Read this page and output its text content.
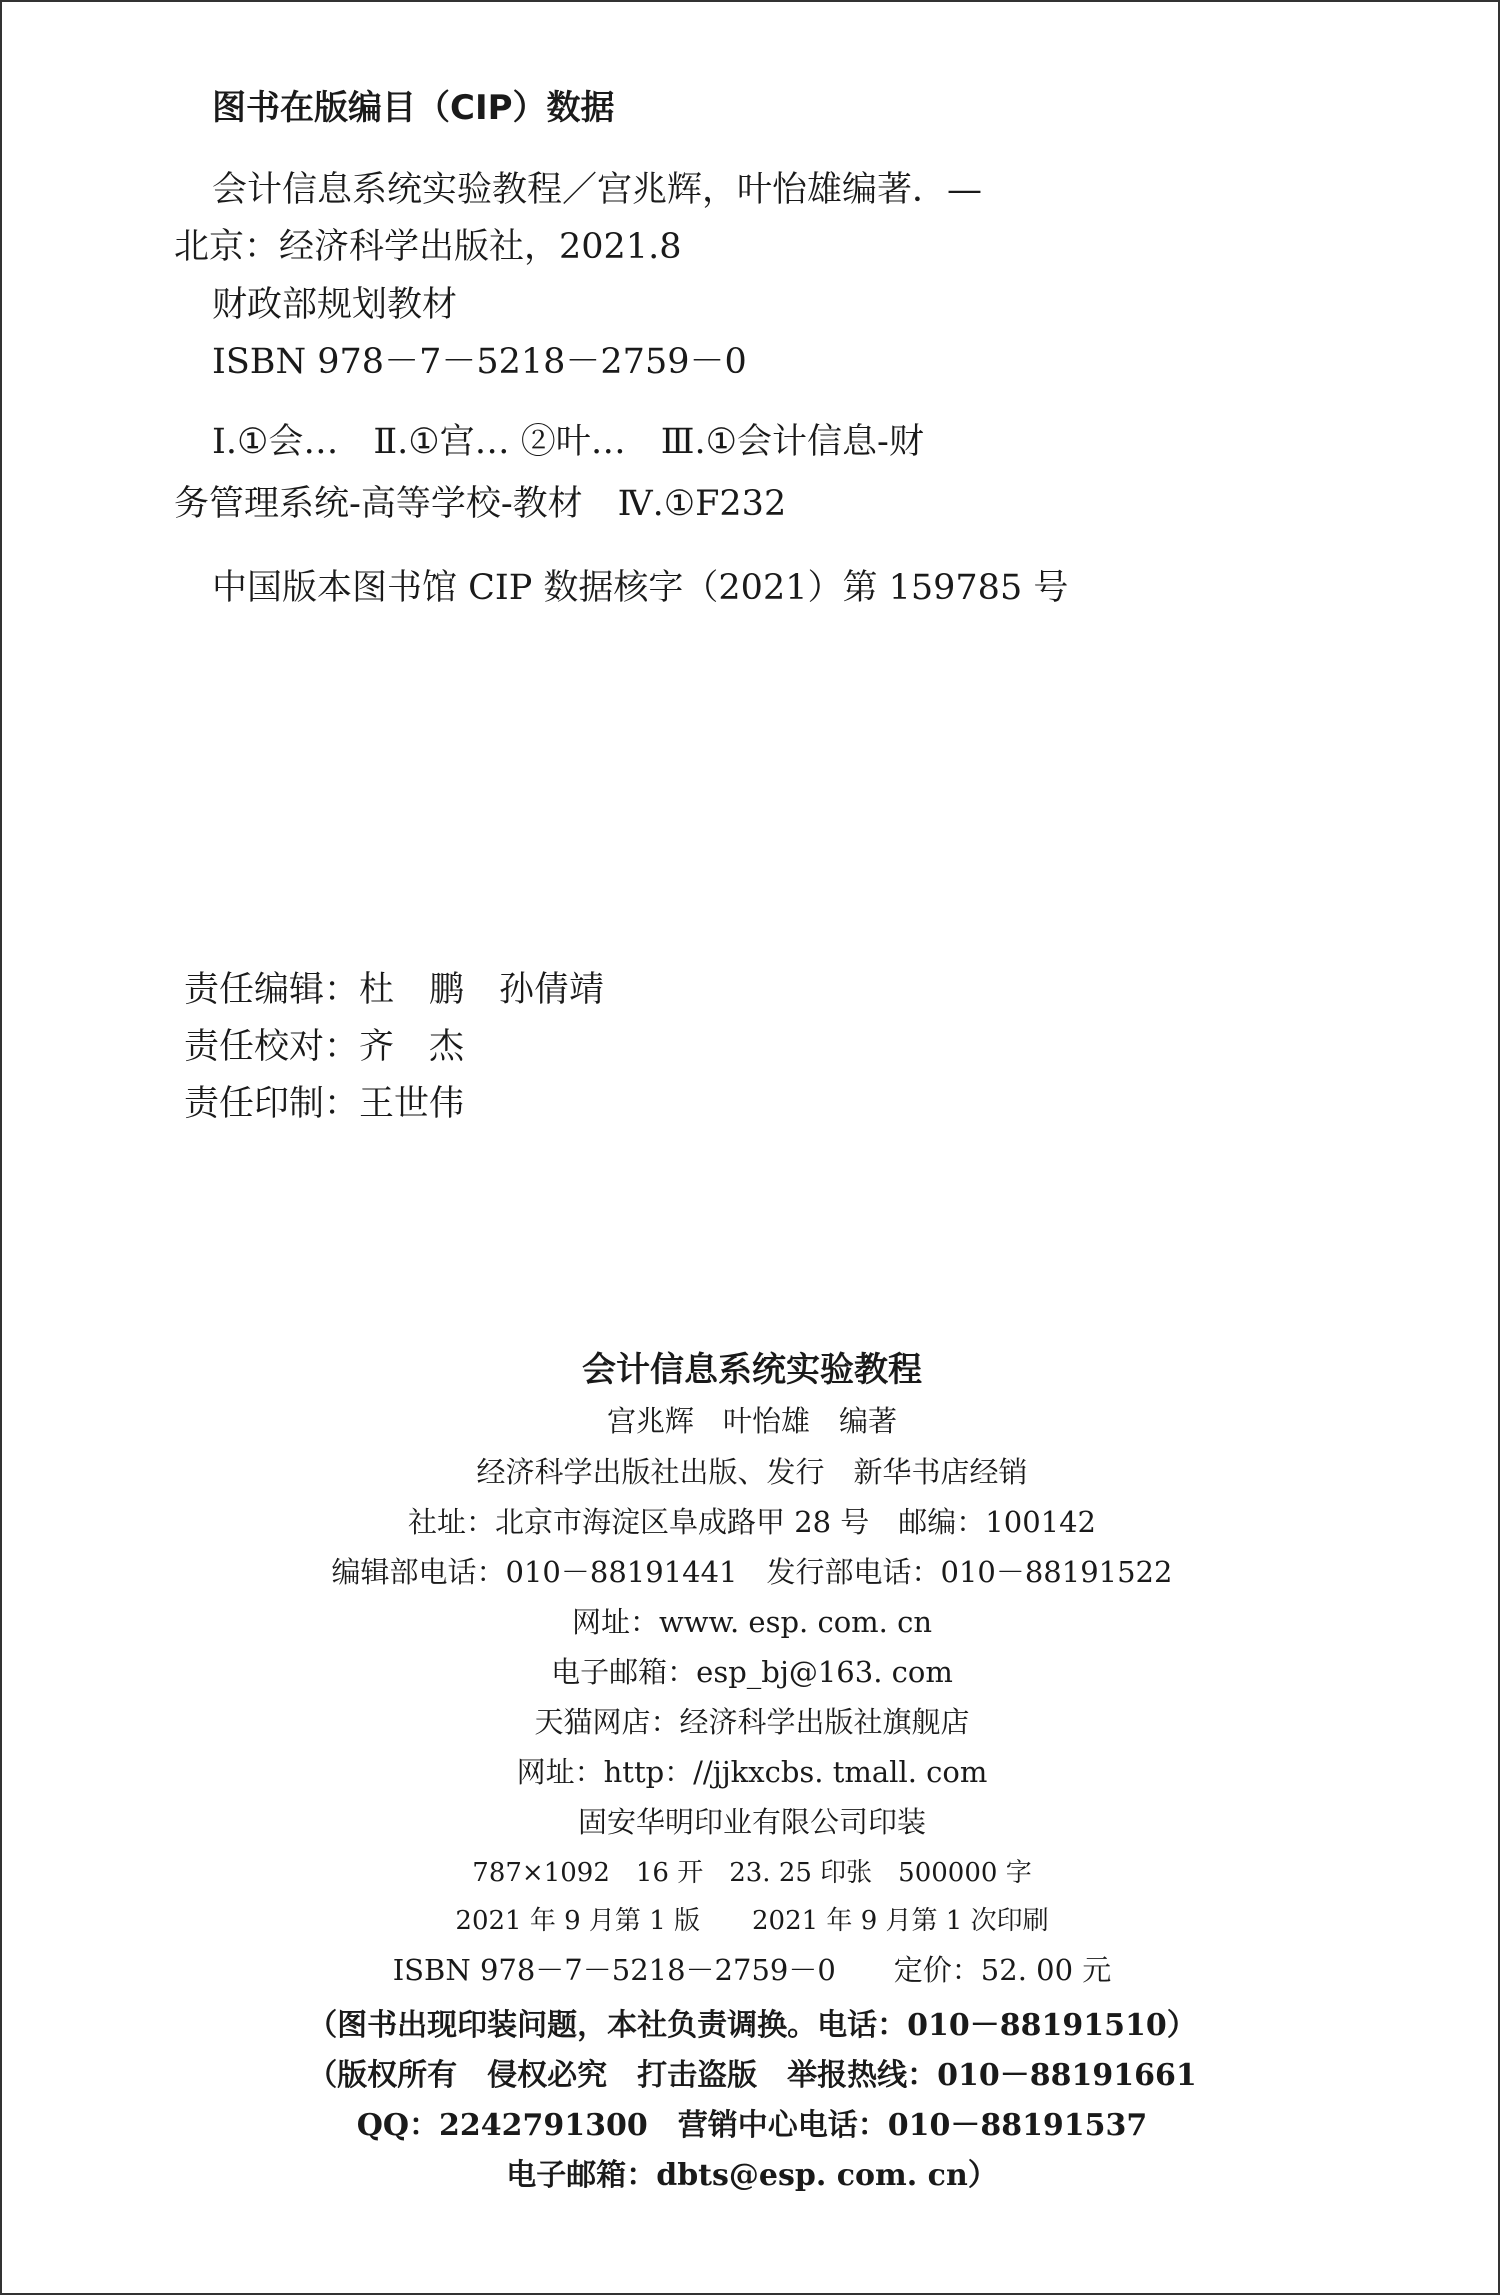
图书在版编目（CIP）数据
会计信息系统实验教程／宫兆辉，叶怡雄编著．—
北京：经济科学出版社，2021.8
财政部规划教材
ISBN 978－7－5218－2759－0
Ⅰ.①会…　Ⅱ.①宫… ②叶…　Ⅲ.①会计信息-财
务管理系统-高等学校-教材　Ⅳ.①F232
中国版本图书馆 CIP 数据核字（2021）第 159785 号
责任编辑：杜　鹏　孙倩靖
责任校对：齐　杰
责任印制：王世伟
会计信息系统实验教程
宫兆辉　叶怡雄　编著
经济科学出版社出版、发行　新华书店经销
社址：北京市海淀区阜成路甲 28 号　邮编：100142
编辑部电话：010－88191441　发行部电话：010－88191522
网址：www. esp. com. cn
电子邮箱：esp_bj@163. com
天猫网店：经济科学出版社旗舰店
网址：http：//jjkxcbs. tmall. com
固安华明印业有限公司印装
787×1092　16 开　23. 25 印张　500000 字
2021 年 9 月第 1 版　　2021 年 9 月第 1 次印刷
ISBN 978－7－5218－2759－0　　定价：52. 00 元
（图书出现印装问题，本社负责调换。电话：010－88191510）
（版权所有　侵权必究　打击盗版　举报热线：010－88191661
QQ：2242791300　营销中心电话：010－88191537
电子邮箱：dbts@esp. com. cn）
